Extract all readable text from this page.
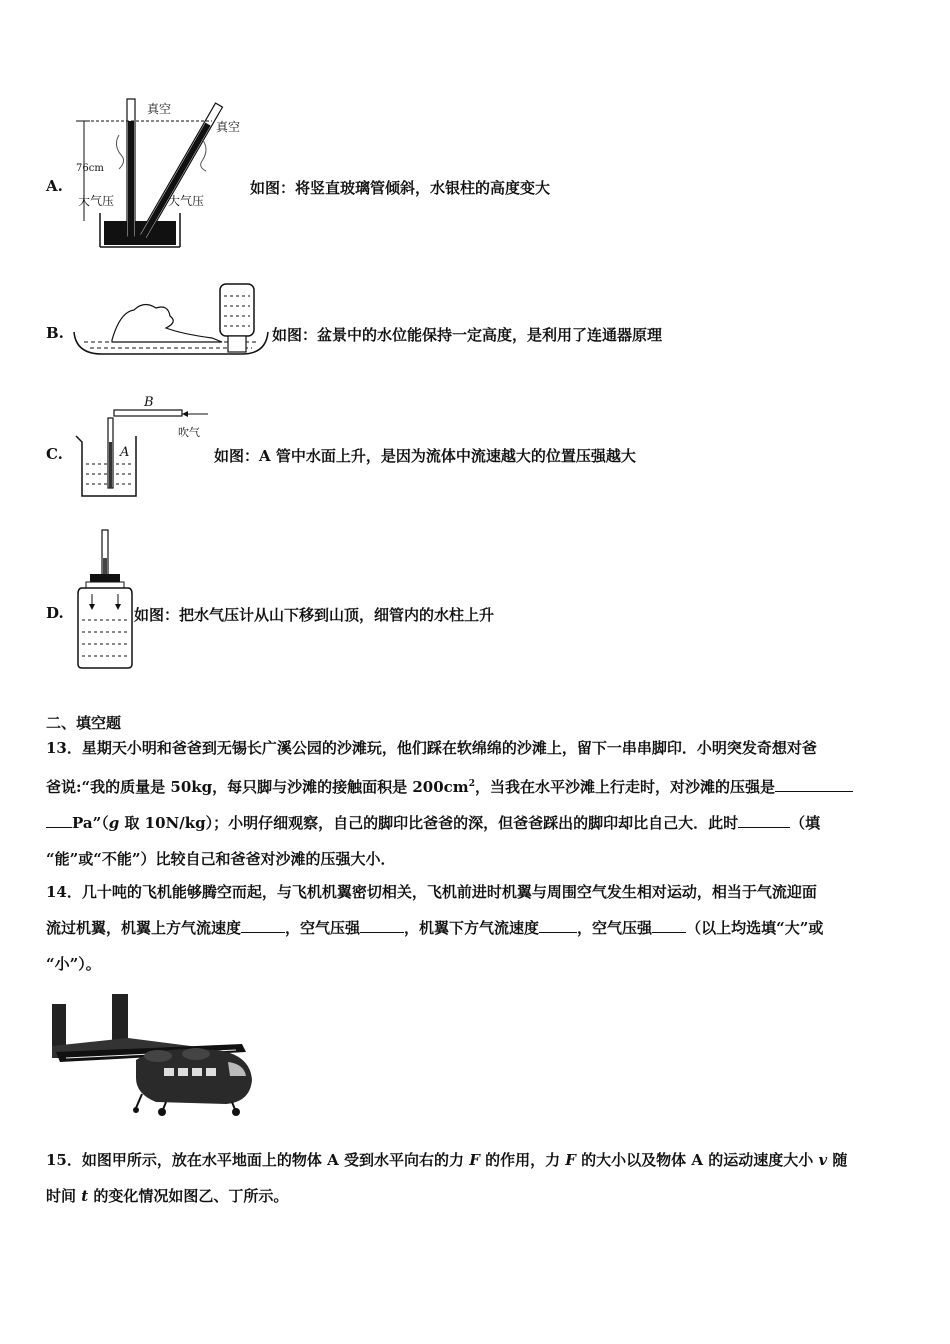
A.
真空
真空
76cm
大气压	大气压
如图：将竖直玻璃管倾斜，水银柱的高度变大
B.	如图：盆景中的水位能保持一定高度，是利用了连通器原理
C.
B
吹气
A	如图：A 管中水面上升，是因为流体中流速越大的位置压强越大
D.	如图：把水气压计从山下移到山顶，细管内的水柱上升
二、填空题

13．星期天小明和爸爸到无锡长广溪公园的沙滩玩，他们踩在软绵绵的沙滩上，留下一串串脚印．小明突发奇想对爸

爸说:“我的质量是 50kg，每只脚与沙滩的接触面积是 $200cm^2$，当我在水平沙滩上行走时，对沙滩的压强是

Pa”（g 取 10N/kg）；小明仔细观察，自己的脚印比爸爸的深，但爸爸踩出的脚印却比自己大．此时	（填

“能”或“不能”）比较自己和爸爸对沙滩的压强大小．

14．几十吨的飞机能够腾空而起，与飞机机翼密切相关，飞机前进时机翼与周围空气发生相对运动，相当于气流迎面

流过机翼，机翼上方气流速度	，空气压强	，机翼下方气流速度	，空气压强 （以上均选填“大”或

“小”）。

15．如图甲所示，放在水平地面上的物体 A 受到水平向右的力 F 的作用，力 F 的大小以及物体 A 的运动速度大小 v 随

时间 t 的变化情况如图乙、丁所示。
